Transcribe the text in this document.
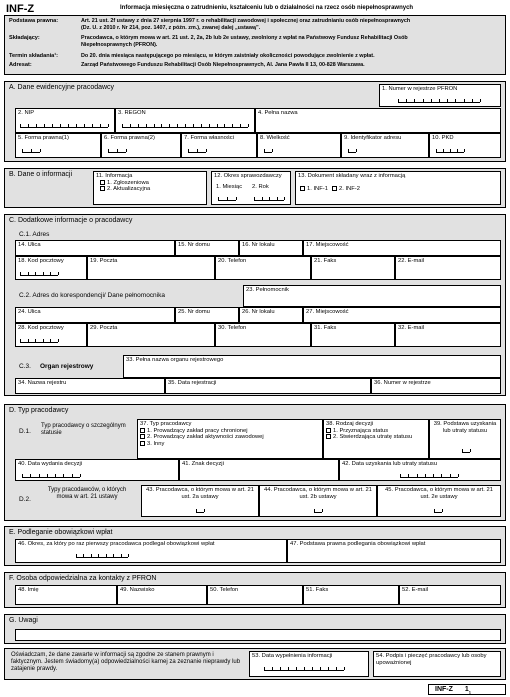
INF-Z	Informacja miesięczna o zatrudnieniu, kształceniu lub o działalności na rzecz osób niepełnosprawnych
Podstawa prawna:	Art. 21 ust. 2f ustawy z dnia 27 sierpnia 1997 r. o rehabilitacji zawodowej i społecznej oraz zatrudnianiu osób niepełnosprawnych
(Dz. U. z 2010 r. Nr 214, poz. 1407, z późn. zm.), zwanej dalej „ustawą”.
Składający:	Pracodawca, o którym mowa w art. 21 ust. 2, 2a, 2b lub 2e ustawy, zwolniony z wpłat na Państwowy Fundusz Rehabilitacji Osób
Niepełnosprawnych (PFRON).
Termin składania¹:	Do 20. dnia miesiąca następującego po miesiącu, w którym zaistniały okoliczności powodujące zwolnienie z wpłat.
Adresat:	Zarząd Państwowego Funduszu Rehabilitacji Osób Niepełnosprawnych, Al. Jana Pawła II 13, 00-828 Warszawa.
A. Dane ewidencyjne pracodawcy	1. Numer w rejestrze PFRON
2. NIP	3. REGON	4. Pełna nazwa
5. Forma prawna(1)	6. Forma prawna(2)	7. Forma własności	8. Wielkość	9. Identyfikator adresu	10. PKD
B. Dane o informacji	11. Informacja
1. Zgłoszeniowa
2. Aktualizacyjna
12. Okres sprawozdawczy
1. Miesiąc 2. Rok
13. Dokument składany wraz z informacją
1. INF-1	2. INF-2
C. Dodatkowe informacje o pracodawcy
C.1. Adres
14. Ulica	15. Nr domu	16. Nr lokalu	17. Miejscowość
18. Kod pocztowy	19. Poczta	20. Telefon	21. Faks	22. E-mail
C.2. Adres do korespondencji/ Dane pełnomocnika
23. Pełnomocnik
24. Ulica	25. Nr domu	26. Nr lokalu	27. Miejscowość
28. Kod pocztowy	29. Poczta	30. Telefon	31. Faks	32. E-mail
C.3. Organ rejestrowy
33. Pełna nazwa organu rejestrowego
34. Nazwa rejestru	35. Data rejestracji	36. Numer w rejestrze
D. Typ pracodawcy
D.1.
Typ pracodawcy o szczególnym statusie
37. Typ pracodawcy
1. Prowadzący zakład pracy chronionej
2. Prowadzący zakład aktywności zawodowej
3. Inny
38. Rodzaj decyzji
1. Przyznająca status
2. Stwierdzająca utratę statusu
39. Podstawa uzyskania lub utraty statusu
40. Data wydania decyzji	41. Znak decyzji	42. Data uzyskania lub utraty statusu
D.2.
Typy pracodawców, o których mowa w art. 21 ustawy
43. Pracodawca, o którym mowa w art. 21 ust. 2a ustawy
44. Pracodawca, o którym mowa w art. 21 ust. 2b ustawy
45. Pracodawca, o którym mowa w art. 21 ust. 2e ustawy
E. Podleganie obowiązkowi wpłat
46. Okres, za który po raz pierwszy pracodawca podlegał obowiązkowi wpłat	47. Podstawa prawna podlegania obowiązkowi wpłat
F. Osoba odpowiedzialna za kontakty z PFRON
48. Imię	49. Nazwisko	50. Telefon	51. Faks	52. E-mail
G. Uwagi
Oświadczam, że dane zawarte w informacji są zgodne ze stanem prawnym i faktycznym. Jestem świadomy(a) odpowiedzialności karnej za zeznanie nieprawdy lub zatajenie prawdy.
53. Data wypełnienia informacji	54. Podpis i pieczęć pracodawcy lub osoby upoważnionej
INF-Z $1_1$
